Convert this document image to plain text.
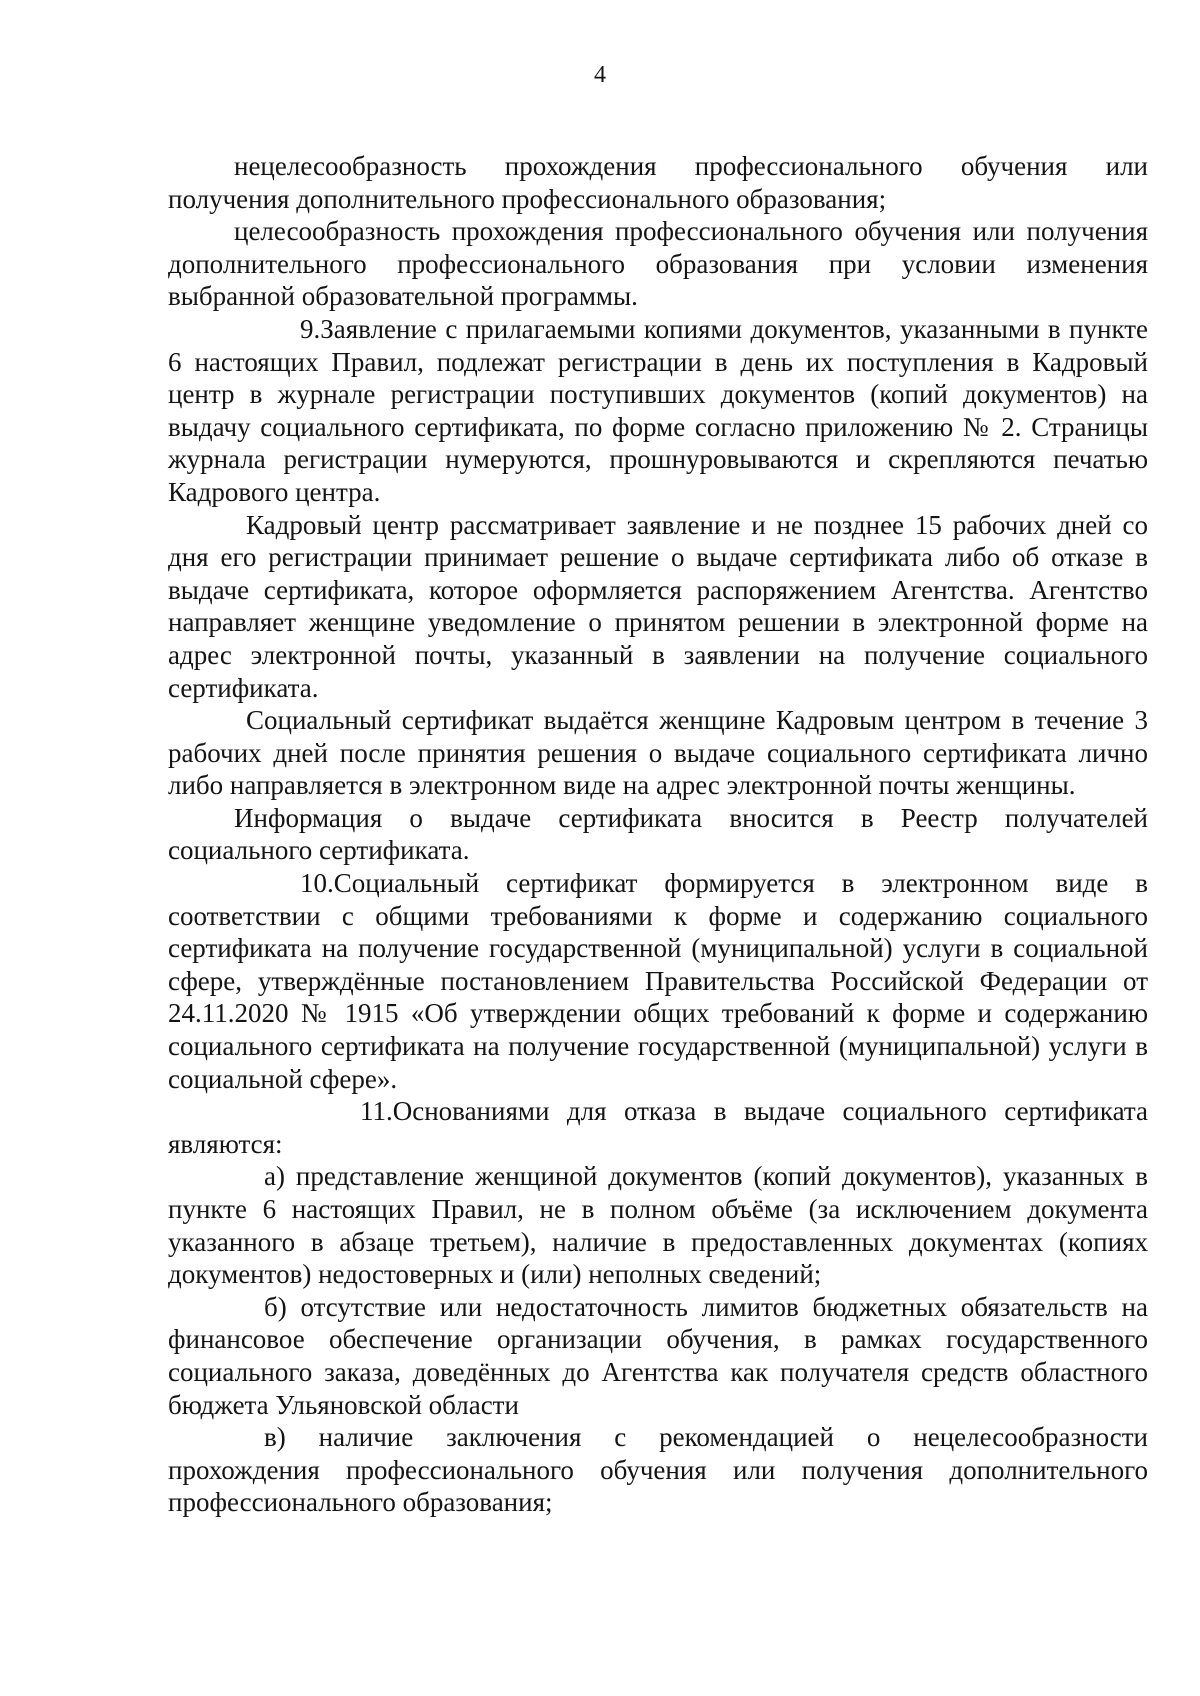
4

нецелесообразность прохождения профессионального обучения или получения дополнительного профессионального образования;

целесообразность прохождения профессионального обучения или получения дополнительного профессионального образования при условии изменения выбранной образовательной программы.

9.Заявление с прилагаемыми копиями документов, указанными в пункте 6 настоящих Правил, подлежат регистрации в день их поступления в Кадровый центр в журнале регистрации поступивших документов (копий документов) на выдачу социального сертификата, по форме согласно приложению № 2. Страницы журнала регистрации нумеруются, прошнуровываются и скрепляются печатью Кадрового центра.

Кадровый центр рассматривает заявление и не позднее 15 рабочих дней со дня его регистрации принимает решение о выдаче сертификата либо об отказе в выдаче сертификата, которое оформляется распоряжением Агентства. Агентство направляет женщине уведомление о принятом решении в электронной форме на адрес электронной почты, указанный в заявлении на получение социального сертификата.

Социальный сертификат выдаётся женщине Кадровым центром в течение 3 рабочих дней после принятия решения о выдаче социального сертификата лично либо направляется в электронном виде на адрес электронной почты женщины.

Информация о выдаче сертификата вносится в Реестр получателей социального сертификата.

10.Социальный сертификат формируется в электронном виде в соответствии с общими требованиями к форме и содержанию социального сертификата на получение государственной (муниципальной) услуги в социальной сфере, утверждённые постановлением Правительства Российской Федерации от 24.11.2020 № 1915 «Об утверждении общих требований к форме и содержанию социального сертификата на получение государственной (муниципальной) услуги в социальной сфере».

11.Основаниями для отказа в выдаче социального сертификата являются:

а) представление женщиной документов (копий документов), указанных в пункте 6 настоящих Правил, не в полном объёме (за исключением документа указанного в абзаце третьем), наличие в предоставленных документах (копиях документов) недостоверных и (или) неполных сведений;

б) отсутствие или недостаточность лимитов бюджетных обязательств на финансовое обеспечение организации обучения, в рамках государственного социального заказа, доведённых до Агентства как получателя средств областного бюджета Ульяновской области

в) наличие заключения с рекомендацией о нецелесообразности прохождения профессионального обучения или получения дополнительного профессионального образования;
